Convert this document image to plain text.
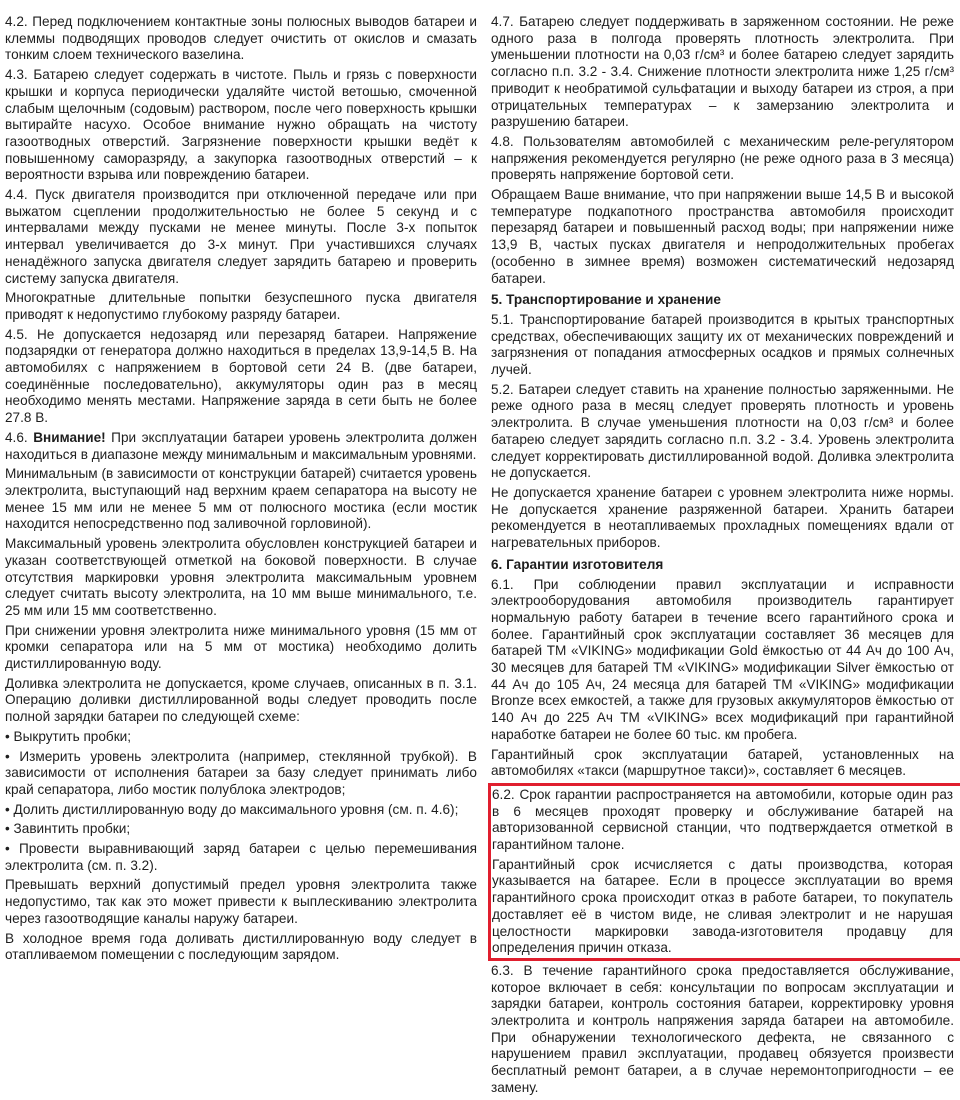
4.2. Перед подключением контактные зоны полюсных выводов батареи и клеммы подводящих проводов следует очистить от окислов и смазать тонким слоем технического вазелина.

4.3. Батарею следует содержать в чистоте. Пыль и грязь с поверхности крышки и корпуса периодически удаляйте чистой ветошью, смоченной слабым щелочным (содовым) раствором, после чего поверхность крышки вытирайте насухо. Особое внимание нужно обращать на чистоту газоотводных отверстий. Загрязнение поверхности крышки ведёт к повышенному саморазряду, а закупорка газоотводных отверстий – к вероятности взрыва или повреждению батареи.

4.4. Пуск двигателя производится при отключенной передаче или при выжатом сцеплении продолжительностью не более 5 секунд и с интервалами между пусками не менее минуты. После 3-х попыток интервал увеличивается до 3-х минут. При участившихся случаях ненадёжного запуска двигателя следует зарядить батарею и проверить систему запуска двигателя.

Многократные длительные попытки безуспешного пуска двигателя приводят к недопустимо глубокому разряду батареи.

4.5. Не допускается недозаряд или перезаряд батареи. Напряжение подзарядки от генератора должно находиться в пределах 13,9-14,5 В. На автомобилях с напряжением в бортовой сети 24 В. (две батареи, соединённые последовательно), аккумуляторы один раз в месяц необходимо менять местами. Напряжение заряда в сети быть не более 27.8 В.

4.6. Внимание! При эксплуатации батареи уровень электролита должен находиться в диапазоне между минимальным и максимальным уровнями.

Минимальным (в зависимости от конструкции батарей) считается уровень электролита, выступающий над верхним краем сепаратора на высоту не менее 15 мм или не менее 5 мм от полюсного мостика (если мостик находится непосредственно под заливочной горловиной).

Максимальный уровень электролита обусловлен конструкцией батареи и указан соответствующей отметкой на боковой поверхности. В случае отсутствия маркировки уровня электролита максимальным уровнем следует считать высоту электролита, на 10 мм выше минимального, т.е. 25 мм или 15 мм соответственно.

При снижении уровня электролита ниже минимального уровня (15 мм от кромки сепаратора или на 5 мм от мостика) необходимо долить дистиллированную воду.

Доливка электролита не допускается, кроме случаев, описанных в п. 3.1. Операцию доливки дистиллированной воды следует проводить после полной зарядки батареи по следующей схеме:

• Выкрутить пробки;

• Измерить уровень электролита (например, стеклянной трубкой). В зависимости от исполнения батареи за базу следует принимать либо край сепаратора, либо мостик полублока электродов;

• Долить дистиллированную воду до максимального уровня (см. п. 4.6);

• Завинтить пробки;

• Провести выравнивающий заряд батареи с целью перемешивания электролита (см. п. 3.2).

Превышать верхний допустимый предел уровня электролита также недопустимо, так как это может привести к выплескиванию электролита через газоотводящие каналы наружу батареи.

В холодное время года доливать дистиллированную воду следует в отапливаемом помещении с последующим зарядом.

4.7. Батарею следует поддерживать в заряженном состоянии. Не реже одного раза в полгода проверять плотность электролита. При уменьшении плотности на 0,03 г/см³ и более батарею следует зарядить согласно п.п. 3.2 - 3.4. Снижение плотности электролита ниже 1,25 г/см³ приводит к необратимой сульфатации и выходу батареи из строя, а при отрицательных температурах – к замерзанию электролита и разрушению батареи.

4.8. Пользователям автомобилей с механическим реле-регулятором напряжения рекомендуется регулярно (не реже одного раза в 3 месяца) проверять напряжение бортовой сети.

Обращаем Ваше внимание, что при напряжении выше 14,5 В и высокой температуре подкапотного пространства автомобиля происходит перезаряд батареи и повышенный расход воды; при напряжении ниже 13,9 В, частых пусках двигателя и непродолжительных пробегах (особенно в зимнее время) возможен систематический недозаряд батареи.

5. Транспортирование и хранение

5.1. Транспортирование батарей производится в крытых транспортных средствах, обеспечивающих защиту их от механических повреждений и загрязнения от попадания атмосферных осадков и прямых солнечных лучей.

5.2. Батареи следует ставить на хранение полностью заряженными. Не реже одного раза в месяц следует проверять плотность и уровень электролита. В случае уменьшения плотности на 0,03 г/см³ и более батарею следует зарядить согласно п.п. 3.2 - 3.4. Уровень электролита следует корректировать дистиллированной водой. Доливка электролита не допускается.

Не допускается хранение батареи с уровнем электролита ниже нормы. Не допускается хранение разряженной батареи. Хранить батареи рекомендуется в неотапливаемых прохладных помещениях вдали от нагревательных приборов.

6. Гарантии изготовителя

6.1. При соблюдении правил эксплуатации и исправности электрооборудования автомобиля производитель гарантирует нормальную работу батареи в течение всего гарантийного срока и более. Гарантийный срок эксплуатации составляет 36 месяцев для батарей ТМ «VIKING» модификации Gold ёмкостью от 44 Ач до 100 Ач, 30 месяцев для батарей ТМ «VIKING» модификации Silver ёмкостью от 44 Ач до 105 Ач, 24 месяца для батарей ТМ «VIKING» модификации Bronze всех емкостей, а также для грузовых аккумуляторов ёмкостью от 140 Ач до 225 Ач ТМ «VIKING» всех модификаций при гарантийной наработке батареи не более 60 тыс. км пробега.

Гарантийный срок эксплуатации батарей, установленных на автомобилях «такси (маршрутное такси)», составляет 6 месяцев.

6.2. Срок гарантии распространяется на автомобили, которые один раз в 6 месяцев проходят проверку и обслуживание батарей на авторизованной сервисной станции, что подтверждается отметкой в гарантийном талоне.

Гарантийный срок исчисляется с даты производства, которая указывается на батарее. Если в процессе эксплуатации во время гарантийного срока происходит отказ в работе батареи, то покупатель доставляет её в чистом виде, не сливая электролит и не нарушая целостности маркировки завода-изготовителя продавцу для определения причин отказа.

6.3. В течение гарантийного срока предоставляется обслуживание, которое включает в себя: консультации по вопросам эксплуатации и зарядки батареи, контроль состояния батареи, корректировку уровня электролита и контроль напряжения заряда батареи на автомобиле. При обнаружении технологического дефекта, не связанного с нарушением правил эксплуатации, продавец обязуется произвести бесплатный ремонт батареи, а в случае неремонтопригодности – ее замену.
